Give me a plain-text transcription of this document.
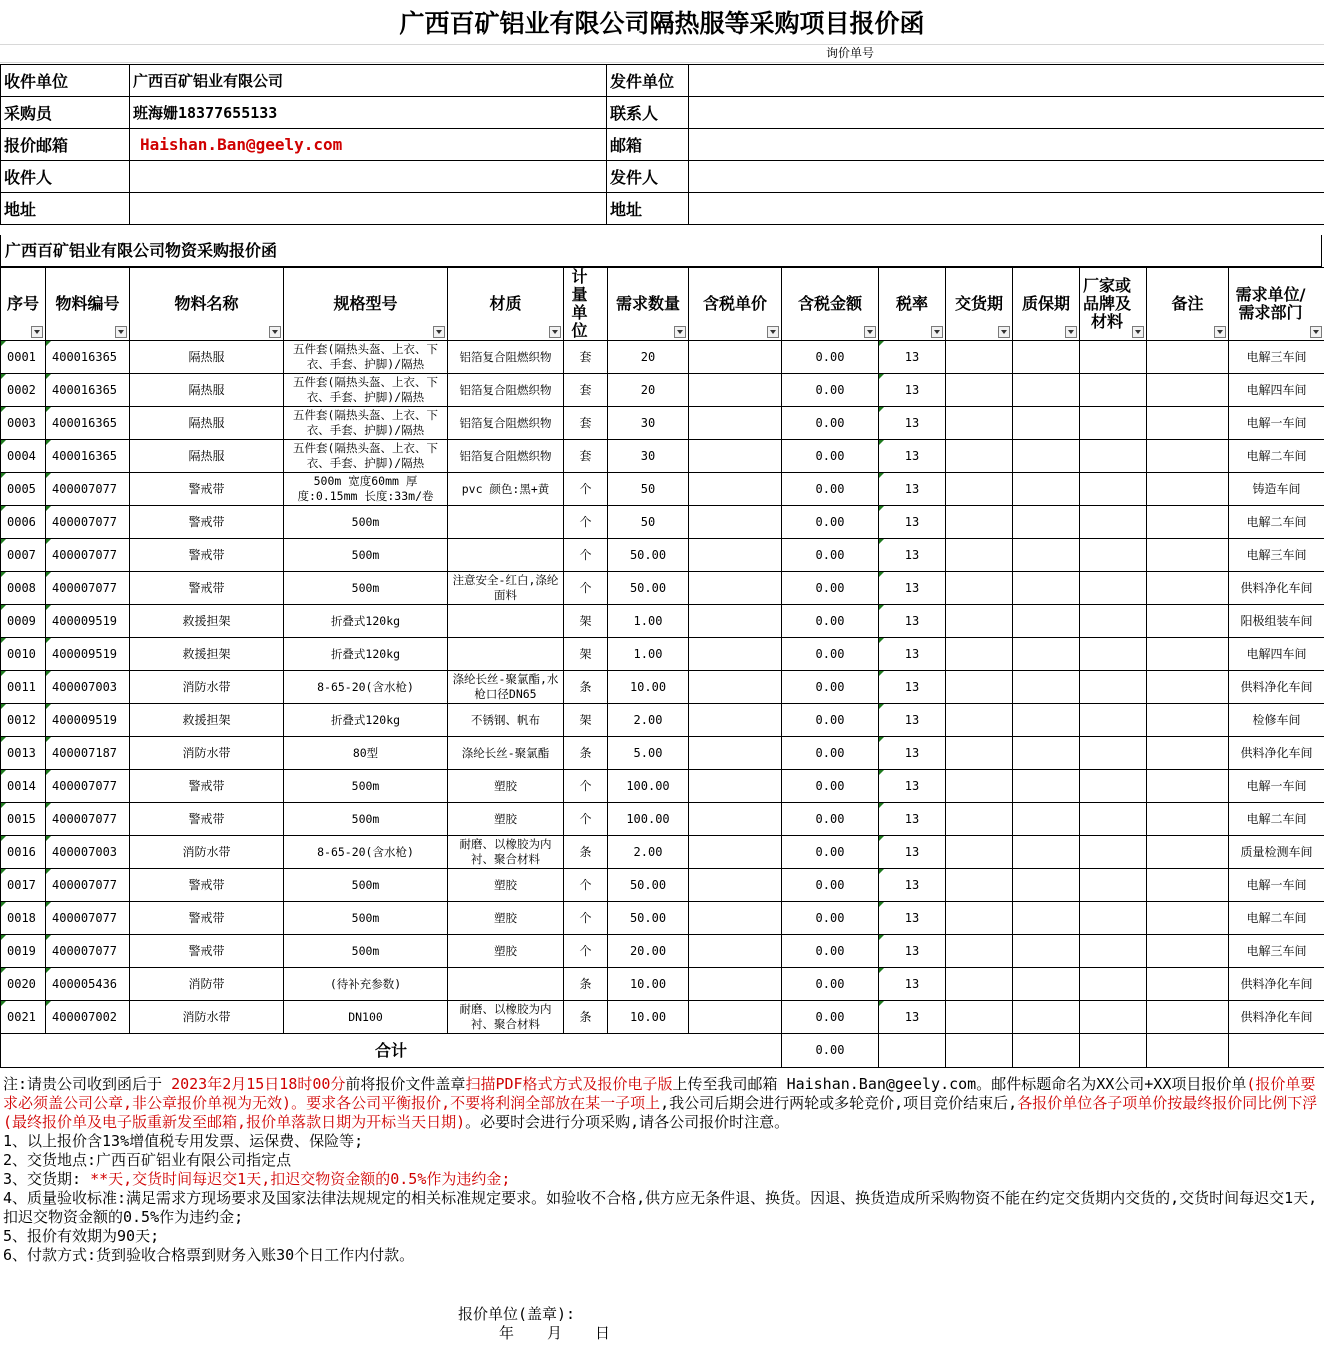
广西百矿铝业有限公司隔热服等采购项目报价函
询价单号
收件单位	广西百矿铝业有限公司	发件单位	
采购员	班海姗18377655133	联系人	
报价邮箱	Haishan.Ban@geely.com	邮箱	
收件人		发件人	
地址		地址	
广西百矿铝业有限公司物资采购报价函
序号	物料编号	物料名称	规格型号	材质	计量单位	需求数量	含税单价	含税金额	税率	交货期	质保期	厂家或品牌及材料	备注	需求单位/需求部门

0001	400016365	隔热服	五件套(隔热头盔、上衣、下衣、手套、护脚)/隔热	铝箔复合阻燃织物	套	20		0.00	13					电解三车间
0002	400016365	隔热服	五件套(隔热头盔、上衣、下衣、手套、护脚)/隔热	铝箔复合阻燃织物	套	20		0.00	13					电解四车间
0003	400016365	隔热服	五件套(隔热头盔、上衣、下衣、手套、护脚)/隔热	铝箔复合阻燃织物	套	30		0.00	13					电解一车间
0004	400016365	隔热服	五件套(隔热头盔、上衣、下衣、手套、护脚)/隔热	铝箔复合阻燃织物	套	30		0.00	13					电解二车间
0005	400007077	警戒带	500m 宽度60mm 厚度:0.15mm 长度:33m/卷	pvc 颜色:黑+黄	个	50		0.00	13					铸造车间
0006	400007077	警戒带	500m		个	50		0.00	13					电解二车间
0007	400007077	警戒带	500m		个	50.00		0.00	13					电解三车间
0008	400007077	警戒带	500m	注意安全-红白,涤纶面料	个	50.00		0.00	13					供料净化车间
0009	400009519	救援担架	折叠式120kg		架	1.00		0.00	13					阳极组装车间
0010	400009519	救援担架	折叠式120kg		架	1.00		0.00	13					电解四车间
0011	400007003	消防水带	8-65-20(含水枪)	涤纶长丝-聚氯酯,水枪口径DN65	条	10.00		0.00	13					供料净化车间
0012	400009519	救援担架	折叠式120kg	不锈钢、帆布	架	2.00		0.00	13					检修车间
0013	400007187	消防水带	80型	涤纶长丝-聚氯酯	条	5.00		0.00	13					供料净化车间
0014	400007077	警戒带	500m	塑胶	个	100.00		0.00	13					电解一车间
0015	400007077	警戒带	500m	塑胶	个	100.00		0.00	13					电解二车间
0016	400007003	消防水带	8-65-20(含水枪)	耐磨、以橡胶为内衬、聚合材料	条	2.00		0.00	13					质量检测车间
0017	400007077	警戒带	500m	塑胶	个	50.00		0.00	13					电解一车间
0018	400007077	警戒带	500m	塑胶	个	50.00		0.00	13					电解二车间
0019	400007077	警戒带	500m	塑胶	个	20.00		0.00	13					电解三车间
0020	400005436	消防带	(待补充参数)		条	10.00		0.00	13					供料净化车间
0021	400007002	消防水带	DN100	耐磨、以橡胶为内衬、聚合材料	条	10.00		0.00	13					供料净化车间
合计								0.00						

注:请贵公司收到函后于 2023年2月15日18时00分前将报价文件盖章扫描PDF格式方式及报价电子版上传至我司邮箱 Haishan.Ban@geely.com。邮件标题命名为XX公司+XX项目报价单(报价单要求必须盖公司公章,非公章报价单视为无效)。要求各公司平衡报价,不要将利润全部放在某一子项上,我公司后期会进行两轮或多轮竞价,项目竞价结束后,各报价单位各子项单价按最终报价同比例下浮(最终报价单及电子版重新发至邮箱,报价单落款日期为开标当天日期)。必要时会进行分项采购,请各公司报价时注意。

1、以上报价含13%增值税专用发票、运保费、保险等;

2、交货地点:广西百矿铝业有限公司指定点

3、交货期: **天,交货时间每迟交1天,扣迟交物资金额的0.5%作为违约金;

4、质量验收标准:满足需求方现场要求及国家法律法规规定的相关标准规定要求。如验收不合格,供方应无条件退、换货。因退、换货造成所采购物资不能在约定交货期内交货的,交货时间每迟交1天,扣迟交物资金额的0.5%作为违约金;

5、报价有效期为90天;

6、付款方式:货到验收合格票到财务入账30个日工作内付款。

报价单位(盖章):
年 月 日
